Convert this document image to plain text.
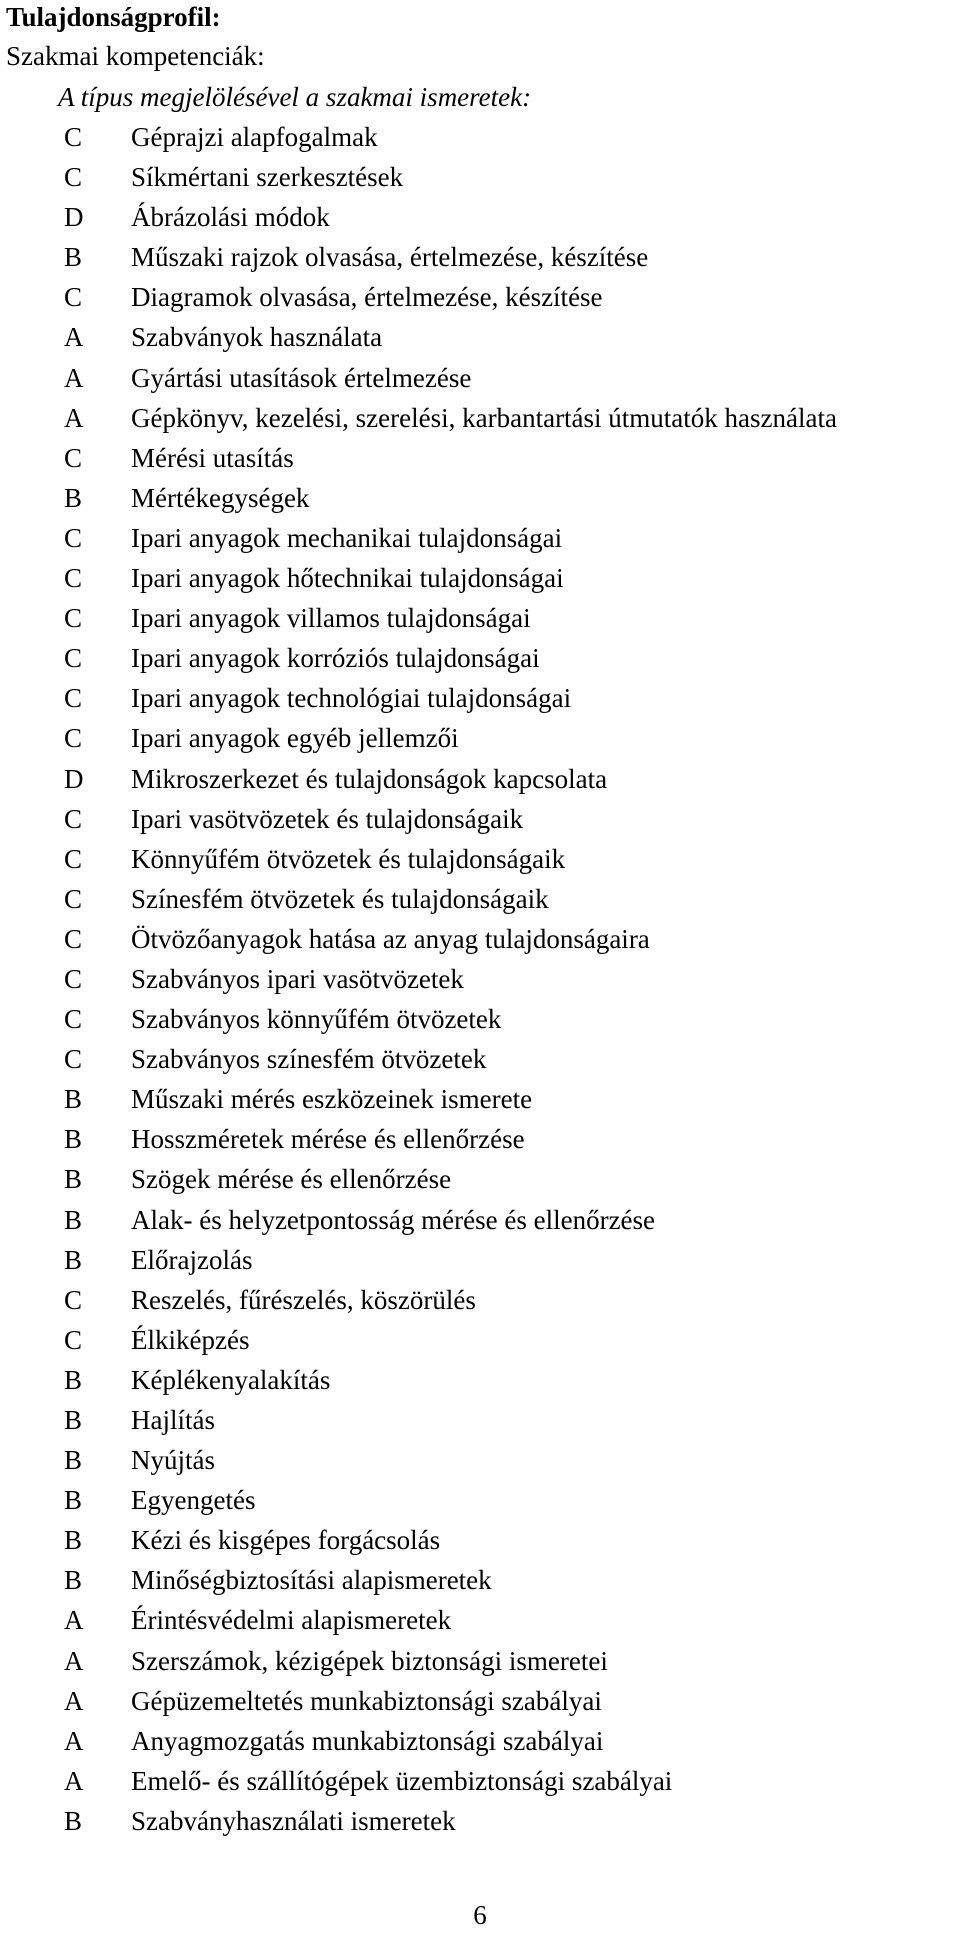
Tulajdonságprofil:
Szakmai kompetenciák:
A típus megjelölésével a szakmai ismeretek:
C Géprajzi alapfogalmak
C Síkmértani szerkesztések
D Ábrázolási módok
B Műszaki rajzok olvasása, értelmezése, készítése
C Diagramok olvasása, értelmezése, készítése
A Szabványok használata
A Gyártási utasítások értelmezése
A Gépkönyv, kezelési, szerelési, karbantartási útmutatók használata
C Mérési utasítás
B Mértékegységek
C Ipari anyagok mechanikai tulajdonságai
C Ipari anyagok hőtechnikai tulajdonságai
C Ipari anyagok villamos tulajdonságai
C Ipari anyagok korróziós tulajdonságai
C Ipari anyagok technológiai tulajdonságai
C Ipari anyagok egyéb jellemzői
D Mikroszerkezet és tulajdonságok kapcsolata
C Ipari vasötvözetek és tulajdonságaik
C Könnyűfém ötvözetek és tulajdonságaik
C Színesfém ötvözetek és tulajdonságaik
C Ötvözőanyagok hatása az anyag tulajdonságaira
C Szabványos ipari vasötvözetek
C Szabványos könnyűfém ötvözetek
C Szabványos színesfém ötvözetek
B Műszaki mérés eszközeinek ismerete
B Hosszméretek mérése és ellenőrzése
B Szögek mérése és ellenőrzése
B Alak- és helyzetpontosság mérése és ellenőrzése
B Előrajzolás
C Reszelés, fűrészelés, köszörülés
C Élkiképzés
B Képlékenyalakítás
B Hajlítás
B Nyújtás
B Egyengetés
B Kézi és kisgépes forgácsolás
B Minőségbiztosítási alapismeretek
A Érintésvédelmi alapismeretek
A Szerszámok, kézigépek biztonsági ismeretei
A Gépüzemeltetés munkabiztonsági szabályai
A Anyagmozgatás munkabiztonsági szabályai
A Emelő- és szállítógépek üzembiztonsági szabályai
B Szabványhasználati ismeretek
6
